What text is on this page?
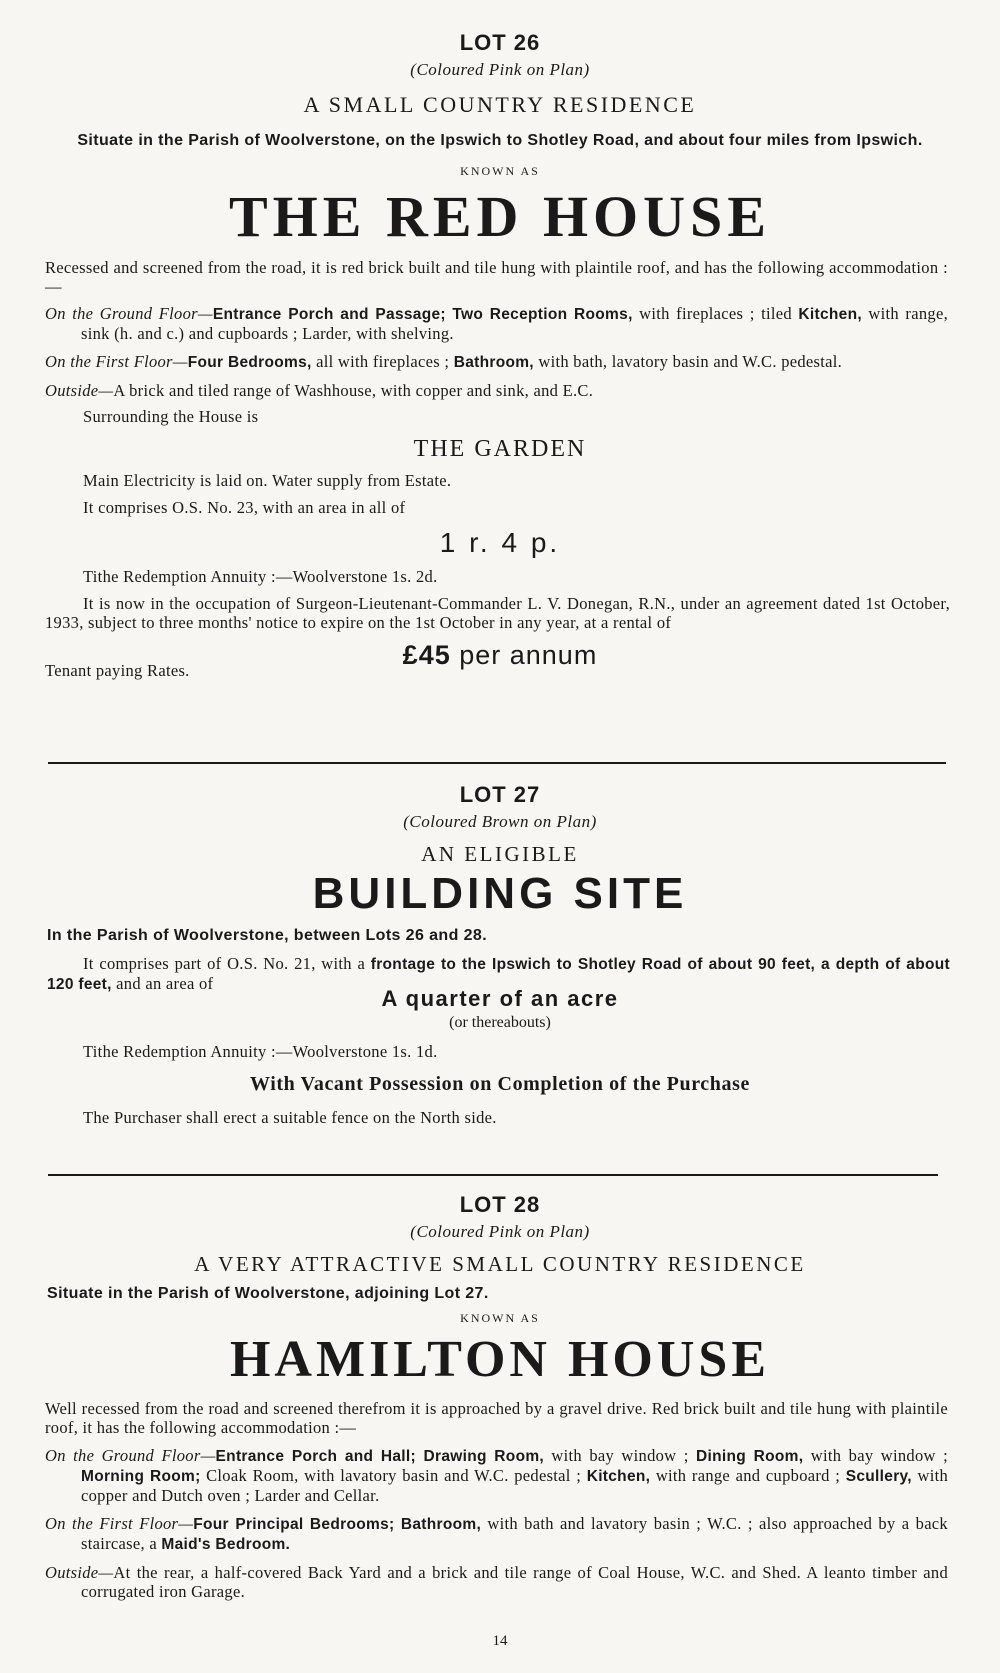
LOT 26
(Coloured Pink on Plan)
A SMALL COUNTRY RESIDENCE
Situate in the Parish of Woolverstone, on the Ipswich to Shotley Road, and about four miles from Ipswich.
KNOWN AS
THE RED HOUSE
Recessed and screened from the road, it is red brick built and tile hung with plaintile roof, and has the following accommodation :—
On the Ground Floor—Entrance Porch and Passage; Two Reception Rooms, with fireplaces ; tiled Kitchen, with range, sink (h. and c.) and cupboards ; Larder, with shelving.
On the First Floor—Four Bedrooms, all with fireplaces ; Bathroom, with bath, lavatory basin and W.C. pedestal.
Outside—A brick and tiled range of Washhouse, with copper and sink, and E.C.
Surrounding the House is
THE GARDEN
Main Electricity is laid on. Water supply from Estate.
It comprises O.S. No. 23, with an area in all of
1 r. 4 p.
Tithe Redemption Annuity :—Woolverstone 1s. 2d.
It is now in the occupation of Surgeon-Lieutenant-Commander L. V. Donegan, R.N., under an agreement dated 1st October, 1933, subject to three months' notice to expire on the 1st October in any year, at a rental of
£45 per annum
Tenant paying Rates.
LOT 27
(Coloured Brown on Plan)
AN ELIGIBLE
BUILDING SITE
In the Parish of Woolverstone, between Lots 26 and 28.
It comprises part of O.S. No. 21, with a frontage to the Ipswich to Shotley Road of about 90 feet, a depth of about 120 feet, and an area of
A quarter of an acre
(or thereabouts)
Tithe Redemption Annuity :—Woolverstone 1s. 1d.
With Vacant Possession on Completion of the Purchase
The Purchaser shall erect a suitable fence on the North side.
LOT 28
(Coloured Pink on Plan)
A VERY ATTRACTIVE SMALL COUNTRY RESIDENCE
Situate in the Parish of Woolverstone, adjoining Lot 27.
KNOWN AS
HAMILTON HOUSE
Well recessed from the road and screened therefrom it is approached by a gravel drive. Red brick built and tile hung with plaintile roof, it has the following accommodation :—
On the Ground Floor—Entrance Porch and Hall; Drawing Room, with bay window ; Dining Room, with bay window ; Morning Room; Cloak Room, with lavatory basin and W.C. pedestal ; Kitchen, with range and cupboard ; Scullery, with copper and Dutch oven ; Larder and Cellar.
On the First Floor—Four Principal Bedrooms; Bathroom, with bath and lavatory basin ; W.C. ; also approached by a back staircase, a Maid's Bedroom.
Outside—At the rear, a half-covered Back Yard and a brick and tile range of Coal House, W.C. and Shed. A leanto timber and corrugated iron Garage.
14
